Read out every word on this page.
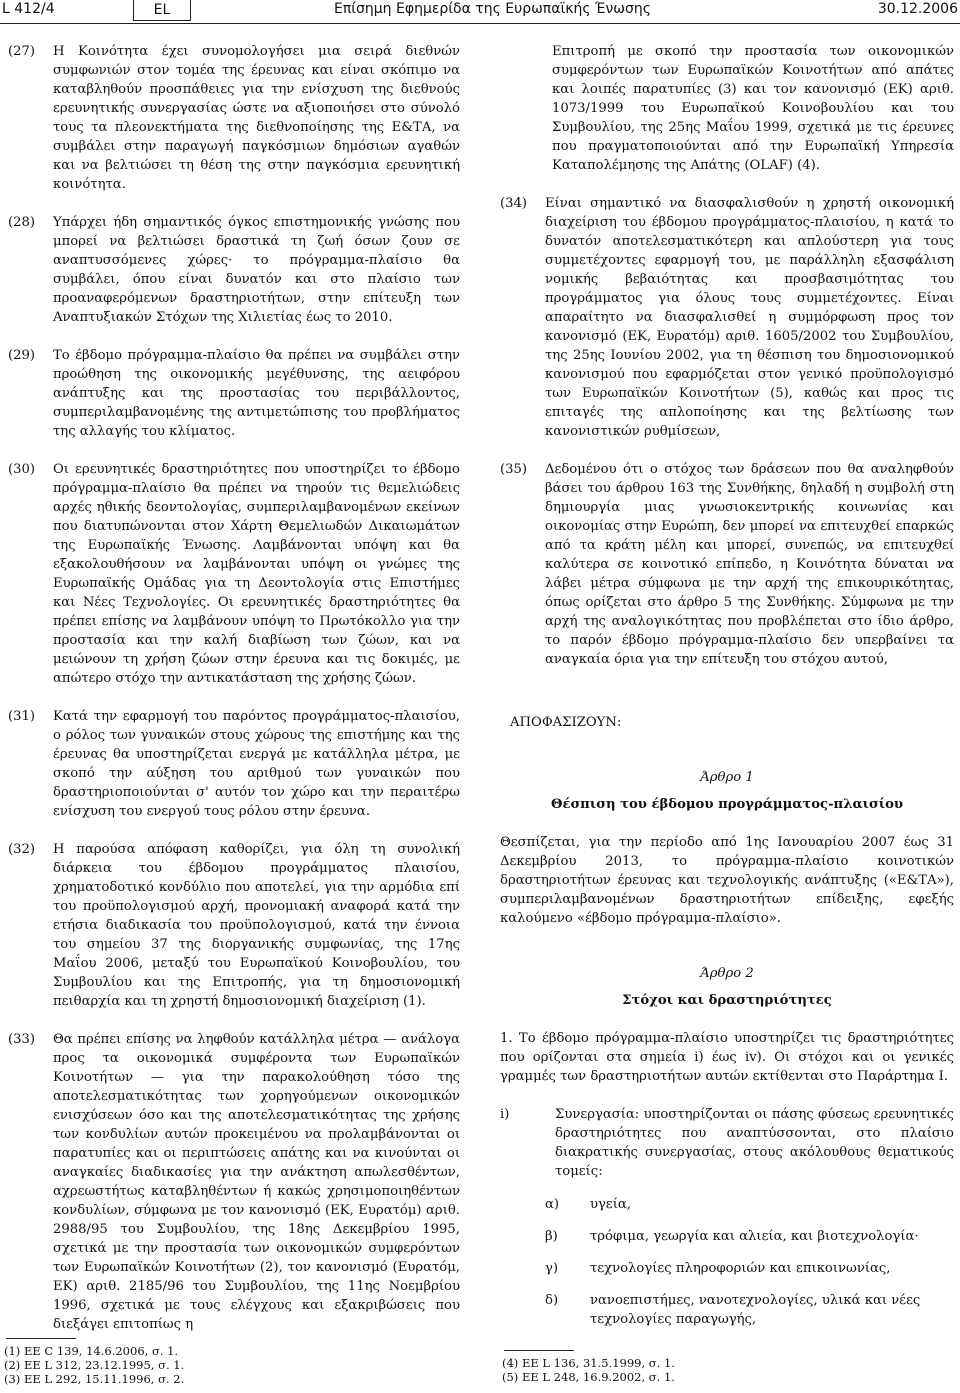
L 412/4	EL	Επίσημη Εφημερίδα της Ευρωπαϊκής Ένωσης	30.12.2006
(27)	Η Κοινότητα έχει συνομολογήσει μια σειρά διεθνών συμφωνιών στον τομέα της έρευνας και είναι σκόπιμο να καταβληθούν προσπάθειες για την ενίσχυση της διεθνούς ερευνητικής συνεργασίας ώστε να αξιοποιήσει στο σύνολό τους τα πλεονεκτήματα της διεθνοποίησης της Ε&ΤΑ, να συμβάλει στην παραγωγή παγκόσμιων δημόσιων αγαθών και να βελτιώσει τη θέση της στην παγκόσμια ερευνητική κοινότητα.
(28)	Υπάρχει ήδη σημαντικός όγκος επιστημονικής γνώσης που μπορεί να βελτιώσει δραστικά τη ζωή όσων ζουν σε αναπτυσσόμενες χώρες· το πρόγραμμα-πλαίσιο θα συμβάλει, όπου είναι δυνατόν και στο πλαίσιο των προαναφερόμενων δραστηριοτήτων, στην επίτευξη των Αναπτυξιακών Στόχων της Χιλιετίας έως το 2010.
(29)	Το έβδομο πρόγραμμα-πλαίσιο θα πρέπει να συμβάλει στην προώθηση της οικονομικής μεγέθυνσης, της αειφόρου ανάπτυξης και της προστασίας του περιβάλλοντος, συμπεριλαμβανομένης της αντιμετώπισης του προβλήματος της αλλαγής του κλίματος.
(30)	Οι ερευνητικές δραστηριότητες που υποστηρίζει το έβδομο πρόγραμμα-πλαίσιο θα πρέπει να τηρούν τις θεμελιώδεις αρχές ηθικής δεοντολογίας, συμπεριλαμβανομένων εκείνων που διατυπώνονται στον Χάρτη Θεμελιωδών Δικαιωμάτων της Ευρωπαϊκής Ένωσης. Λαμβάνονται υπόψη και θα εξακολουθήσουν να λαμβάνονται υπόψη οι γνώμες της Ευρωπαϊκής Ομάδας για τη Δεοντολογία στις Επιστήμες και Νέες Τεχνολογίες. Οι ερευνητικές δραστηριότητες θα πρέπει επίσης να λαμβάνουν υπόψη το Πρωτόκολλο για την προστασία και την καλή διαβίωση των ζώων, και να μειώνουν τη χρήση ζώων στην έρευνα και τις δοκιμές, με απώτερο στόχο την αντικατάσταση της χρήσης ζώων.
(31)	Κατά την εφαρμογή του παρόντος προγράμματος-πλαισίου, ο ρόλος των γυναικών στους χώρους της επιστήμης και της έρευνας θα υποστηρίζεται ενεργά με κατάλληλα μέτρα, με σκοπό την αύξηση του αριθμού των γυναικών που δραστηριοποιούνται σ' αυτόν τον χώρο και την περαιτέρω ενίσχυση του ενεργού τους ρόλου στην έρευνα.
(32)	Η παρούσα απόφαση καθορίζει, για όλη τη συνολική διάρκεια του έβδομου προγράμματος πλαισίου, χρηματοδοτικό κονδύλιο που αποτελεί, για την αρμόδια επί του προϋπολογισμού αρχή, προνομιακή αναφορά κατά την ετήσια διαδικασία του προϋπολογισμού, κατά την έννοια του σημείου 37 της διοργανικής συμφωνίας, της 17ης Μαΐου 2006, μεταξύ του Ευρωπαϊκού Κοινοβουλίου, του Συμβουλίου και της Επιτροπής, για τη δημοσιονομική πειθαρχία και τη χρηστή δημοσιονομική διαχείριση (1).
(33)	Θα πρέπει επίσης να ληφθούν κατάλληλα μέτρα — ανάλογα προς τα οικονομικά συμφέροντα των Ευρωπαϊκών Κοινοτήτων — για την παρακολούθηση τόσο της αποτελεσματικότητας των χορηγούμενων οικονομικών ενισχύσεων όσο και της αποτελεσματικότητας της χρήσης των κονδυλίων αυτών προκειμένου να προλαμβάνονται οι παρατυπίες και οι περιπτώσεις απάτης και να κινούνται οι αναγκαίες διαδικασίες για την ανάκτηση απωλεσθέντων, αχρεωστήτως καταβληθέντων ή κακώς χρησιμοποιηθέντων κονδυλίων, σύμφωνα με τον κανονισμό (ΕΚ, Ευρατόμ) αριθ. 2988/95 του Συμβουλίου, της 18ης Δεκεμβρίου 1995, σχετικά με την προστασία των οικονομικών συμφερόντων των Ευρωπαϊκών Κοινοτήτων (2), τον κανονισμό (Ευρατόμ, ΕΚ) αριθ. 2185/96 του Συμβουλίου, της 11ης Νοεμβρίου 1996, σχετικά με τους ελέγχους και εξακριβώσεις που διεξάγει επιτοπίως η
(1) ΕΕ C 139, 14.6.2006, σ. 1.
(2) ΕΕ L 312, 23.12.1995, σ. 1.
(3) ΕΕ L 292, 15.11.1996, σ. 2.
Επιτροπή με σκοπό την προστασία των οικονομικών συμφερόντων των Ευρωπαϊκών Κοινοτήτων από απάτες και λοιπές παρατυπίες (3) και τον κανονισμό (ΕΚ) αριθ. 1073/1999 του Ευρωπαϊκού Κοινοβουλίου και του Συμβουλίου, της 25ης Μαΐου 1999, σχετικά με τις έρευνες που πραγματοποιούνται από την Ευρωπαϊκή Υπηρεσία Καταπολέμησης της Απάτης (OLAF) (4).
(34)	Είναι σημαντικό να διασφαλισθούν η χρηστή οικονομική διαχείριση του έβδομου προγράμματος-πλαισίου, η κατά το δυνατόν αποτελεσματικότερη και απλούστερη για τους συμμετέχοντες εφαρμογή του, με παράλληλη εξασφάλιση νομικής βεβαιότητας και προσβασιμότητας του προγράμματος για όλους τους συμμετέχοντες. Είναι απαραίτητο να διασφαλισθεί η συμμόρφωση προς τον κανονισμό (ΕΚ, Ευρατόμ) αριθ. 1605/2002 του Συμβουλίου, της 25ης Ιουνίου 2002, για τη θέσπιση του δημοσιονομικού κανονισμού που εφαρμόζεται στον γενικό προϋπολογισμό των Ευρωπαϊκών Κοινοτήτων (5), καθώς και προς τις επιταγές της απλοποίησης και της βελτίωσης των κανονιστικών ρυθμίσεων,
(35)	Δεδομένου ότι ο στόχος των δράσεων που θα αναληφθούν βάσει του άρθρου 163 της Συνθήκης, δηλαδή η συμβολή στη δημιουργία μιας γνωσιοκεντρικής κοινωνίας και οικονομίας στην Ευρώπη, δεν μπορεί να επιτευχθεί επαρκώς από τα κράτη μέλη και μπορεί, συνεπώς, να επιτευχθεί καλύτερα σε κοινοτικό επίπεδο, η Κοινότητα δύναται να λάβει μέτρα σύμφωνα με την αρχή της επικουρικότητας, όπως ορίζεται στο άρθρο 5 της Συνθήκης. Σύμφωνα με την αρχή της αναλογικότητας που προβλέπεται στο ίδιο άρθρο, το παρόν έβδομο πρόγραμμα-πλαίσιο δεν υπερβαίνει τα αναγκαία όρια για την επίτευξη του στόχου αυτού,
ΑΠΟΦΑΣΙΖΟΥΝ:
Άρθρο 1
Θέσπιση του έβδομου προγράμματος-πλαισίου
Θεσπίζεται, για την περίοδο από 1ης Ιανουαρίου 2007 έως 31 Δεκεμβρίου 2013, το πρόγραμμα-πλαίσιο κοινοτικών δραστηριοτήτων έρευνας και τεχνολογικής ανάπτυξης («Ε&ΤΑ»), συμπεριλαμβανομένων δραστηριοτήτων επίδειξης, εφεξής καλούμενο «έβδομο πρόγραμμα-πλαίσιο».
Άρθρο 2
Στόχοι και δραστηριότητες
1. Το έβδομο πρόγραμμα-πλαίσιο υποστηρίζει τις δραστηριότητες που ορίζονται στα σημεία i) έως iv). Οι στόχοι και οι γενικές γραμμές των δραστηριοτήτων αυτών εκτίθενται στο Παράρτημα Ι.
i)	Συνεργασία: υποστηρίζονται οι πάσης φύσεως ερευνητικές δραστηριότητες που αναπτύσσονται, στο πλαίσιο διακρατικής συνεργασίας, στους ακόλουθους θεματικούς τομείς:
α)	υγεία,
β)	τρόφιμα, γεωργία και αλιεία, και βιοτεχνολογία·
γ)	τεχνολογίες πληροφοριών και επικοινωνίας,
δ)	νανοεπιστήμες, νανοτεχνολογίες, υλικά και νέες τεχνολογίες παραγωγής,
(4) ΕΕ L 136, 31.5.1999, σ. 1.
(5) ΕΕ L 248, 16.9.2002, σ. 1.
